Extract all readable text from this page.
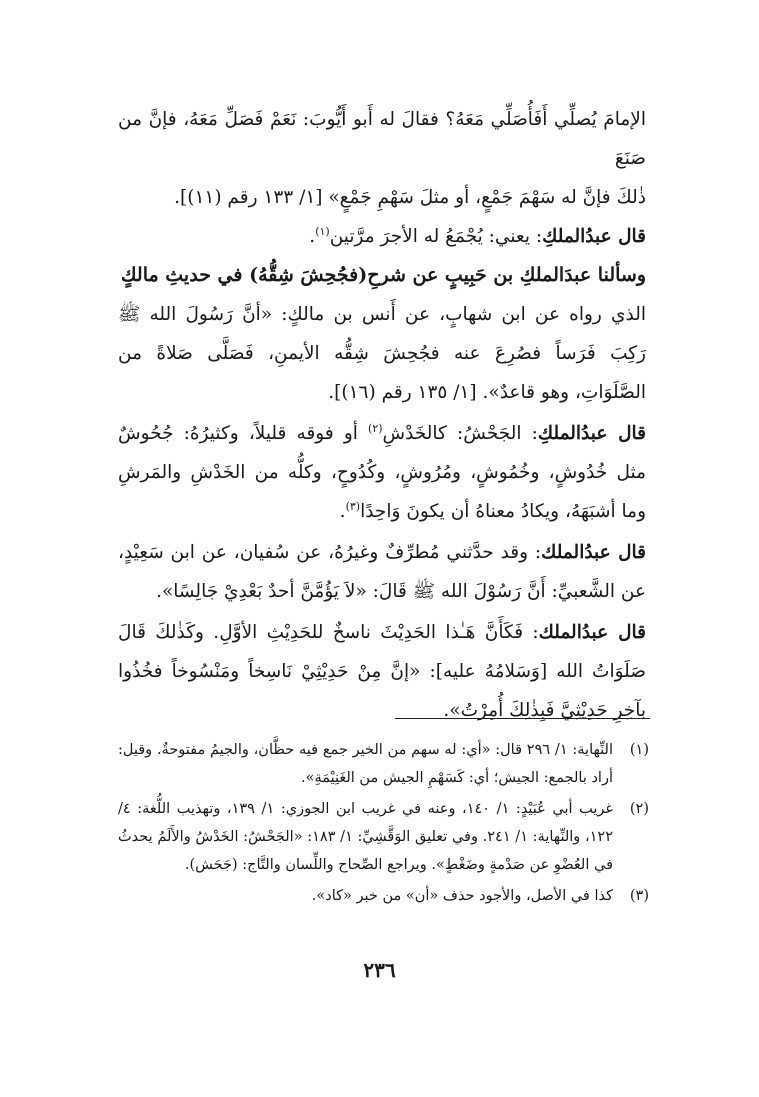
الإمامَ يُصلِّي أَفَأُصَلِّي مَعَهُ؟ فقالَ له أَبو أَيُّوبَ: نَعَمْ فَصَلِّ مَعَهُ، فإنَّ من صَنَعَ
ذٰلكَ فإنَّ له سَهْمَ جَمْعٍ، أو مثلَ سَهْمِ جَمْعٍ» [١/ ١٣٣ رقم (١١)].

قال عبدُالملكِ: يعني: يُجْمَعُ له الأجرَ مرَّتين$^{(١)}$.

وسألنا عبدَالملكِ بن حَبِيبٍ عن شرحِ(فجُحِشَ شِقُّهُ) في حديثِ مالكٍ

الذي رواه عن ابن شهابٍ، عن أَنس بن مالكٍ: «أنَّ رَسُولَ الله ﷺ رَكِبَ فَرَساً فصُرِعَ عنه فجُحِشَ شِقُّه الأيمنِ، فَصَلَّى صَلاةً من الصَّلَوَاتِ، وهو قاعدٌ». [١/ ١٣٥ رقم (١٦)].

قال عبدُالملكِ: الجَحْشُ: كالخَدْشِ$^{(٢)}$ أو فوقه قليلاً، وكثيرُهُ: جُحُوشٌ مثل خُدُوشٍ، وخُمُوشٍ، ومُرُوشٍ، وكُدُوحٍ، وكلُّه من الخَدْشِ والمَرشِ وما أشبَهَهُ، ويكادُ معناهُ أن يكونَ وَاحِدًا$^{(٣)}$.

قال عبدُالملك: وقد حدَّثني مُطرِّفٌ وغيرُهُ، عن سُفيان، عن ابن سَعِيْدٍ، عن الشَّعبيِّ: أَنَّ رَسُوْلَ الله ﷺ قَالَ: «لاَ يَؤُمَّنَّ أحدٌ بَعْدِيْ جَالِسًا».

قال عبدُالملك: فَكَأَنَّ هَـٰذا الحَدِيْثَ ناسخٌ للحَدِيْثِ الأوَّلِ. وكَذٰلكَ قَالَ صَلَوَاتُ الله [وَسَلامُهُ عليه]: «إنَّ مِنْ حَدِيْثِيْ نَاسِخاً ومَنْسُوخاً فخُذُوا بآخِرِ حَدِيْثِيَّ فَبِذٰلِكَ أُمِرْتُ».

(١)
النِّهاية: ١/ ٢٩٦ قال: «أي: له سهم من الخير جمع فيه حظَّان، والجيمُ مفتوحةٌ. وقيل: أراد بالجمع: الجيش؛ أي: كَسَهْمِ الجيش من الغَنِيْمَةِ».
(٢)
غريب أبي عُبَيْدٍ: ١/ ١٤٠، وعنه في غريب ابن الجوزي: ١/ ١٣٩، وتهذيب اللُّغة: ٤/ ١٢٢، والنِّهاية: ١/ ٢٤١. وفي تعليق الوَقَّشِيِّ: ١/ ١٨٣: «الجَحْشُ: الخَدْشُ والأَلَمُ يحدثُ في العُضْوِ عن صَدْمةٍ وضَغْطٍ». ويراجع الصِّحاح واللِّسان والتَّاج: (جَحَش).
(٣)
كذا في الأصل، والأجود حذف «أن» من خبر «كاد».
٢٣٦
